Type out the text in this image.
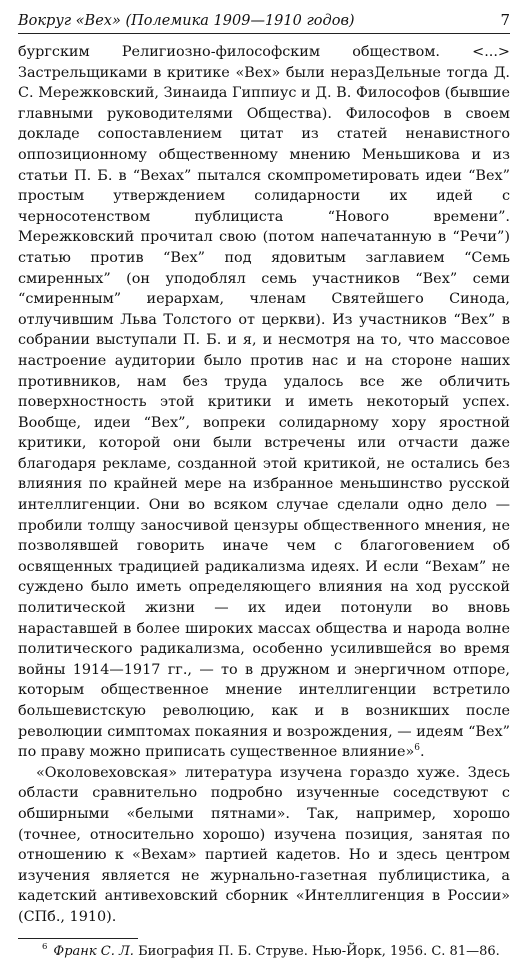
Вокруг «Вех» (Полемика 1909—1910 годов)	7

бургским Религиозно-философским обществом. <...> Застрельщиками в критике «Вех» были неразДельные тогда Д. С. Мережковский, Зинаида Гиппиус и Д. В. Философов (бывшие главными руководителями Общества). Философов в своем докладе сопоставлением цитат из статей ненавистного оппозиционному общественному мнению Меньшикова и из статьи П. Б. в “Вехах” пытался скомпрометировать идеи “Вех” простым утверждением солидарности их идей с черносотенством публициста “Нового времени”. Мережковский прочитал свою (потом напечатанную в “Речи”) статью против “Вех” под ядовитым заглавием “Семь смиренных” (он уподоблял семь участников “Вех” семи “смиренным” иерархам, членам Святейшего Синода, отлучившим Льва Толстого от церкви). Из участников “Вех” в собрании выступали П. Б. и я, и несмотря на то, что массовое настроение аудитории было против нас и на стороне наших противников, нам без труда удалось все же обличить поверхностность этой критики и иметь некоторый успех. Вообще, идеи “Вех”, вопреки солидарному хору яростной критики, которой они были встречены или отчасти даже благодаря рекламе, созданной этой критикой, не остались без влияния по крайней мере на избранное меньшинство русской интеллигенции. Они во всяком случае сделали одно дело — пробили толщу заносчивой цензуры общественного мнения, не позволявшей говорить иначе чем с благоговением об освященных традицией радикализма идеях. И если “Вехам” не суждено было иметь определяющего влияния на ход русской политической жизни — их идеи потонули во вновь нараставшей в более широких массах общества и народа волне политического радикализма, особенно усилившейся во время войны 1914—1917 гг., — то в дружном и энергичном отпоре, которым общественное мнение интеллигенции встретило большевистскую революцию, как и в возникших после революции симптомах покаяния и возрождения, — идеям “Вех” по праву можно приписать существенное влияние»$^6$.

«Околовеховская» литература изучена гораздо хуже. Здесь области сравнительно подробно изученные соседствуют с обширными «белыми пятнами». Так, например, хорошо (точнее, относительно хорошо) изучена позиция, занятая по отношению к «Вехам» партией кадетов. Но и здесь центром изучения является не журнально-газетная публицистика, а кадетский антивеховский сборник «Интеллигенция в России» (СПб., 1910).

$^6$ Франк С. Л. Биография П. Б. Струве. Нью-Йорк, 1956. С. 81—86.
